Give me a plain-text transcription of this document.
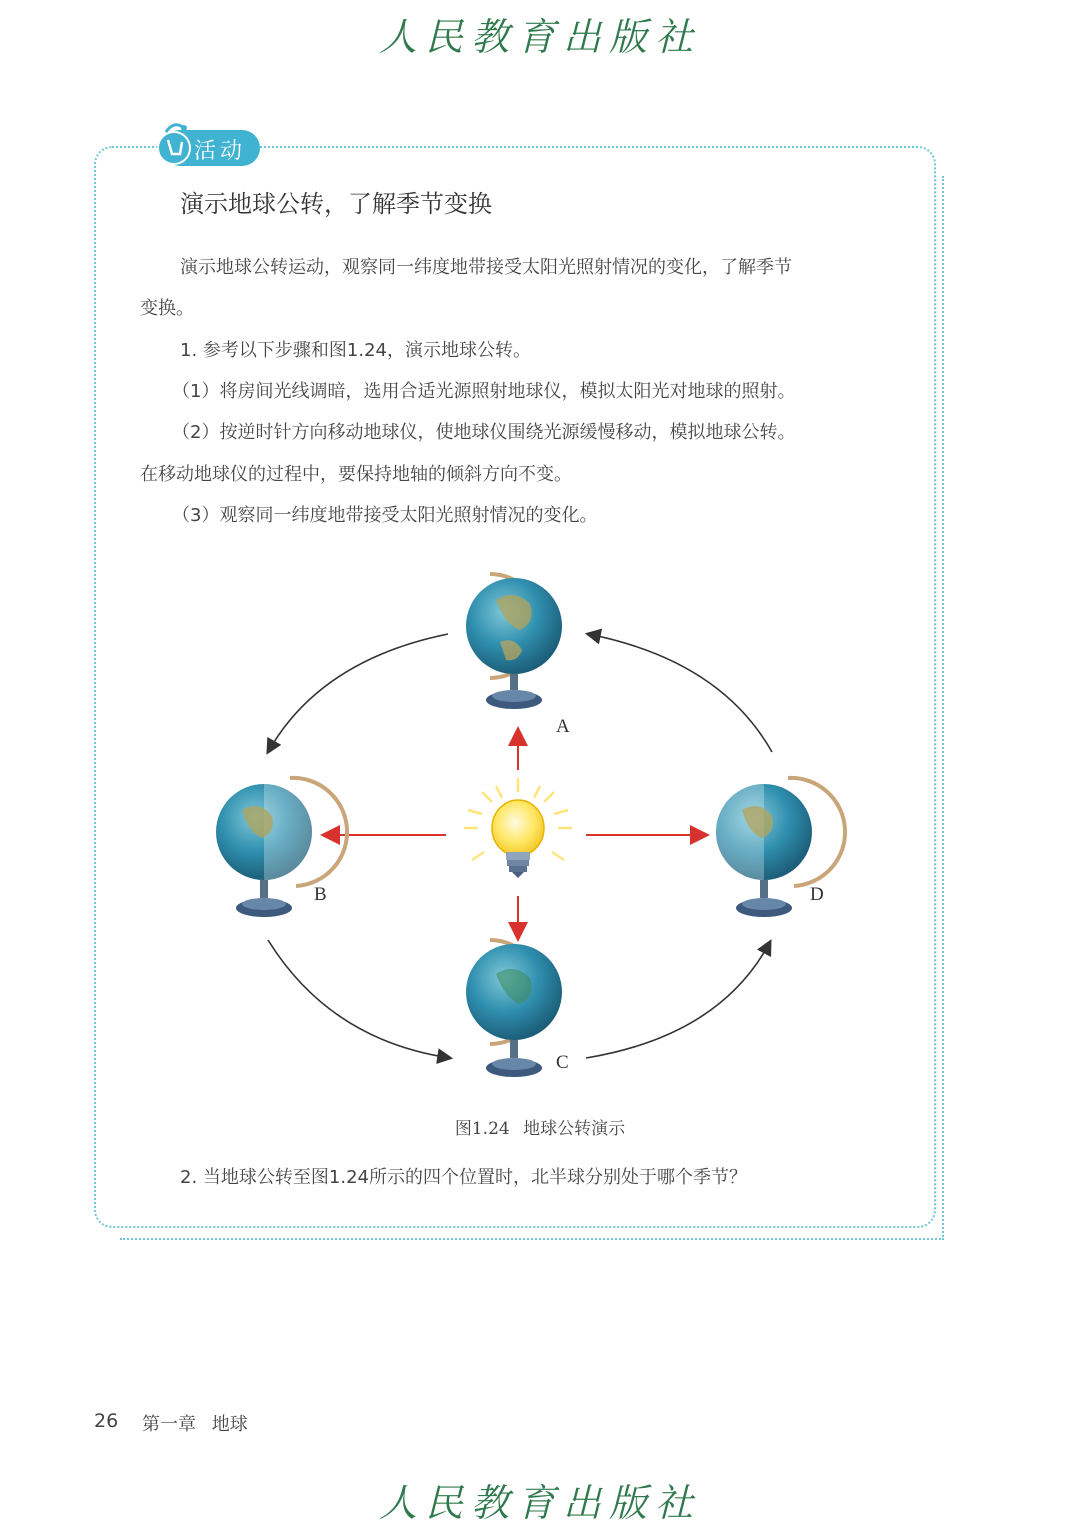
人民教育出版社
活动
演示地球公转，了解季节变换
演示地球公转运动，观察同一纬度地带接受太阳光照射情况的变化，了解季节
变换。
1. 参考以下步骤和图1.24，演示地球公转。
（1）将房间光线调暗，选用合适光源照射地球仪，模拟太阳光对地球的照射。
（2）按逆时针方向移动地球仪，使地球仪围绕光源缓慢移动，模拟地球公转。
在移动地球仪的过程中，要保持地轴的倾斜方向不变。
（3）观察同一纬度地带接受太阳光照射情况的变化。
A
B
C
D
图1.24 地球公转演示
2. 当地球公转至图1.24所示的四个位置时，北半球分别处于哪个季节？
26 第一章 地球
人民教育出版社
